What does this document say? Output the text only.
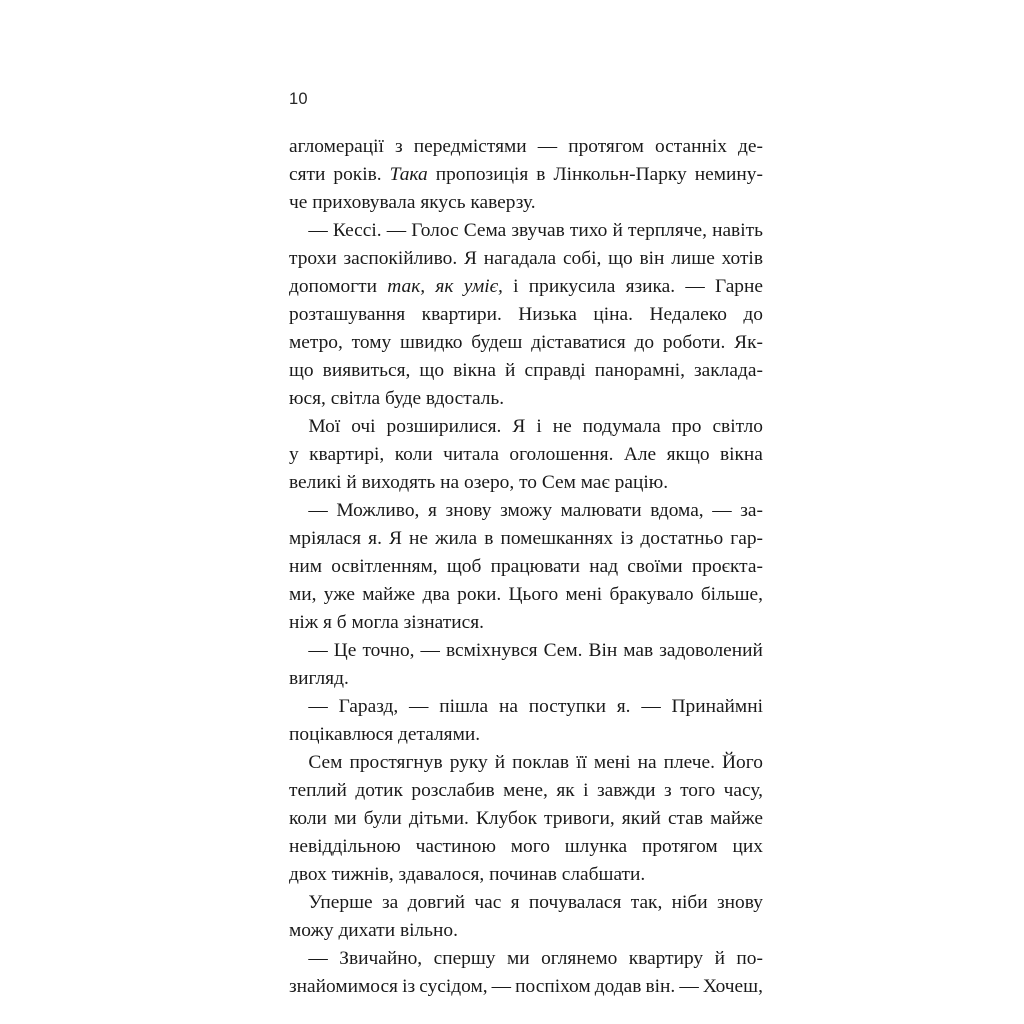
10
агломерації з передмістями — протягом останніх де-
сяти років. Така пропозиція в Лінкольн-Парку немину-
че приховувала якусь каверзу.
 — Кессі. — Голос Сема звучав тихо й терпляче, навіть
трохи заспокійливо. Я нагадала собі, що він лише хотів
допомогти так, як уміє, і прикусила язика. — Гарне
розташування квартири. Низька ціна. Недалеко до
метро, тому швидко будеш діставатися до роботи. Як-
що виявиться, що вікна й справді панорамні, заклада-
юся, світла буде вдосталь.
 Мої очі розширилися. Я і не подумала про світло
у квартирі, коли читала оголошення. Але якщо вікна
великі й виходять на озеро, то Сем має рацію.
 — Можливо, я знову зможу малювати вдома, — за-
мріялася я. Я не жила в помешканнях із достатньо гар-
ним освітленням, щоб працювати над своїми проєкта-
ми, уже майже два роки. Цього мені бракувало більше,
ніж я б могла зізнатися.
 — Це точно, — всміхнувся Сем. Він мав задоволений
вигляд.
 — Гаразд, — пішла на поступки я. — Принаймні
поцікавлюся деталями.
 Сем простягнув руку й поклав її мені на плече. Його
теплий дотик розслабив мене, як і завжди з того часу,
коли ми були дітьми. Клубок тривоги, який став майже
невіддільною частиною мого шлунка протягом цих
двох тижнів, здавалося, починав слабшати.
 Уперше за довгий час я почувалася так, ніби знову
можу дихати вільно.
 — Звичайно, спершу ми оглянемо квартиру й по-
знайомимося із сусідом, — поспіхом додав він. — Хочеш,
